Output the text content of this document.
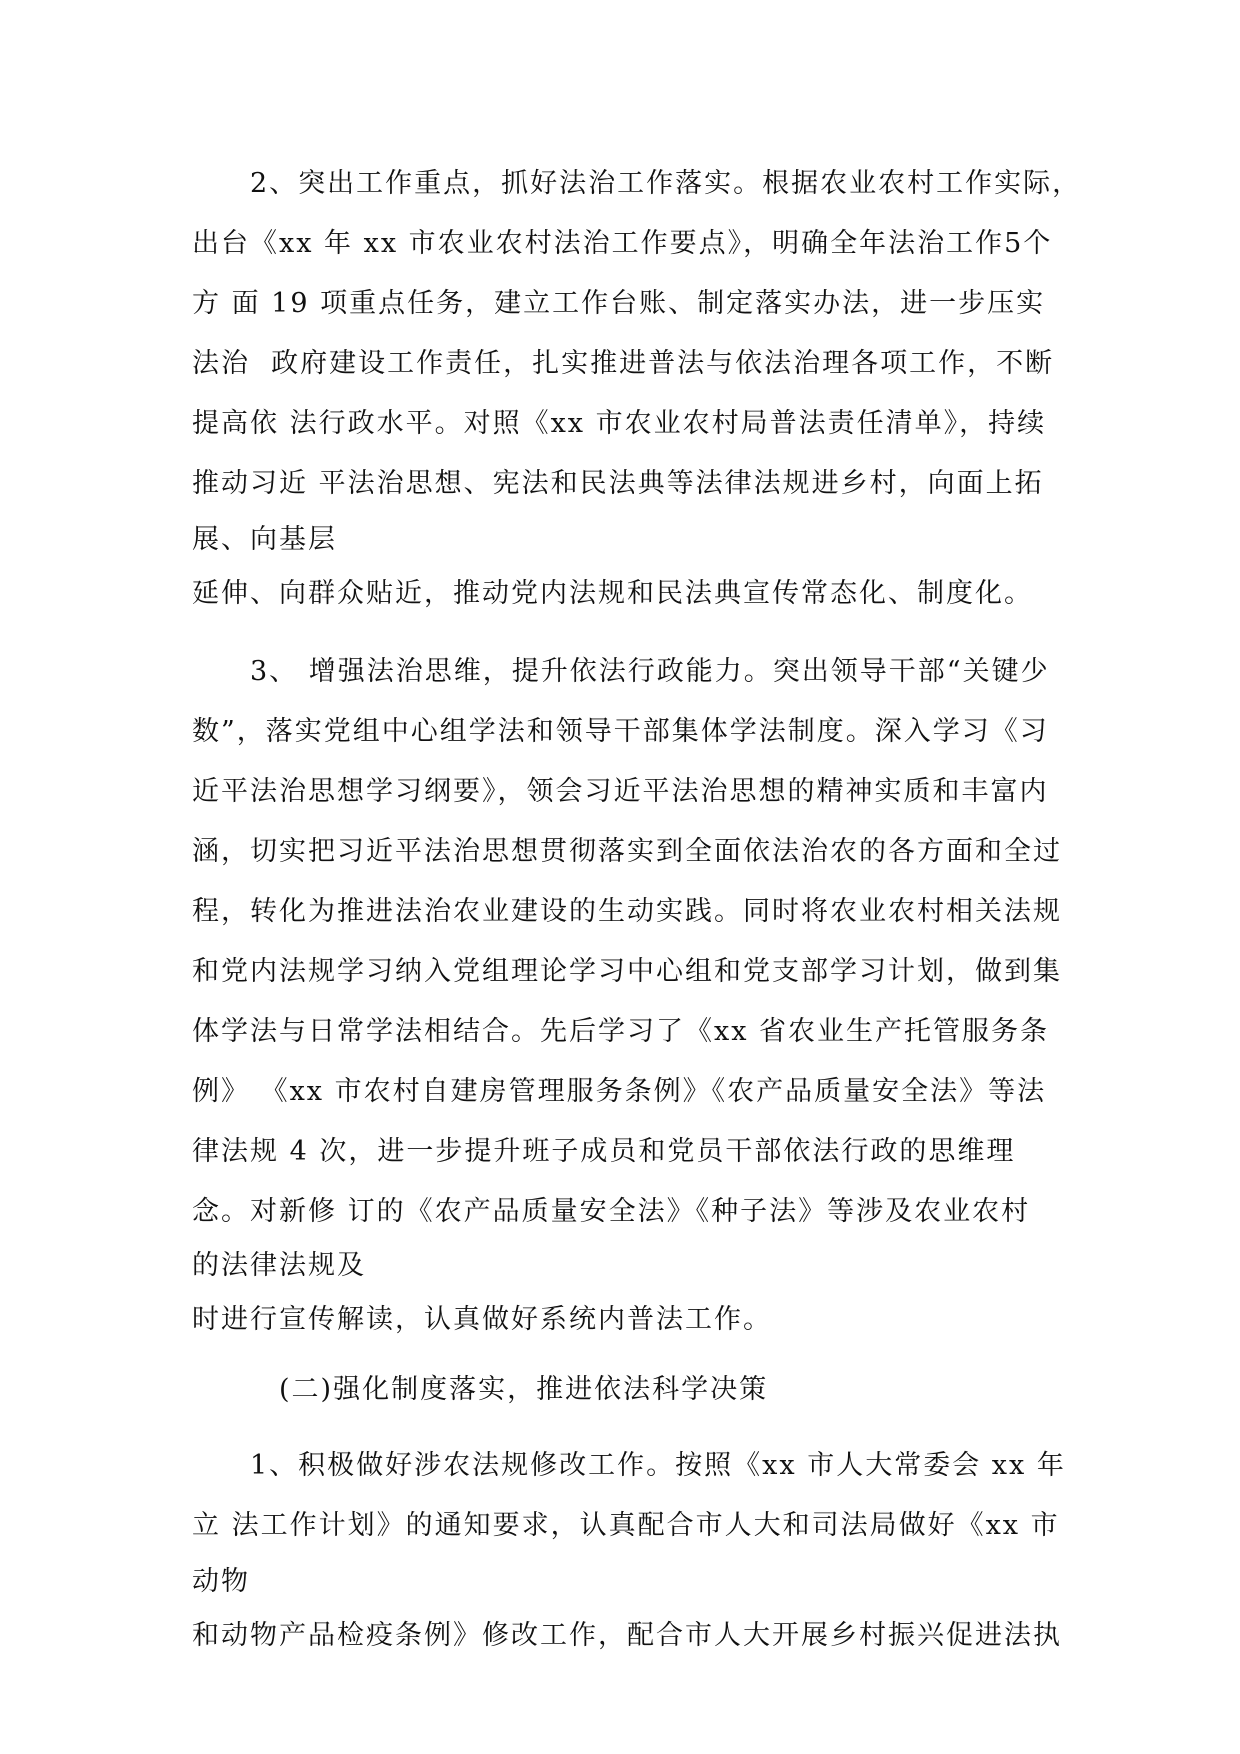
　　2、突出工作重点，抓好法治工作落实。根据农业农村工作实际，
出台《xx 年 xx 市农业农村法治工作要点》，明确全年法治工作5个
方 面 19 项重点任务，建立工作台账、制定落实办法，进一步压实
法治  政府建设工作责任，扎实推进普法与依法治理各项工作，不断
提高依 法行政水平。对照《xx 市农业农村局普法责任清单》，持续
推动习近 平法治思想、宪法和民法典等法律法规进乡村，向面上拓
展、向基层
延伸、向群众贴近，推动党内法规和民法典宣传常态化、制度化。
　　3、 增强法治思维，提升依法行政能力。突出领导干部“关键少
数”，落实党组中心组学法和领导干部集体学法制度。深入学习《习
近平法治思想学习纲要》，领会习近平法治思想的精神实质和丰富内
涵，切实把习近平法治思想贯彻落实到全面依法治农的各方面和全过
程，转化为推进法治农业建设的生动实践。同时将农业农村相关法规
和党内法规学习纳入党组理论学习中心组和党支部学习计划，做到集
体学法与日常学法相结合。先后学习了《xx 省农业生产托管服务条
例》 《xx 市农村自建房管理服务条例》《农产品质量安全法》等法
律法规 4 次，进一步提升班子成员和党员干部依法行政的思维理
念。对新修 订的《农产品质量安全法》《种子法》等涉及农业农村
的法律法规及
时进行宣传解读，认真做好系统内普法工作。
　　　(二)强化制度落实，推进依法科学决策
　　1、积极做好涉农法规修改工作。按照《xx 市人大常委会 xx 年
立 法工作计划》的通知要求，认真配合市人大和司法局做好《xx 市
动物
和动物产品检疫条例》修改工作，配合市人大开展乡村振兴促进法执
